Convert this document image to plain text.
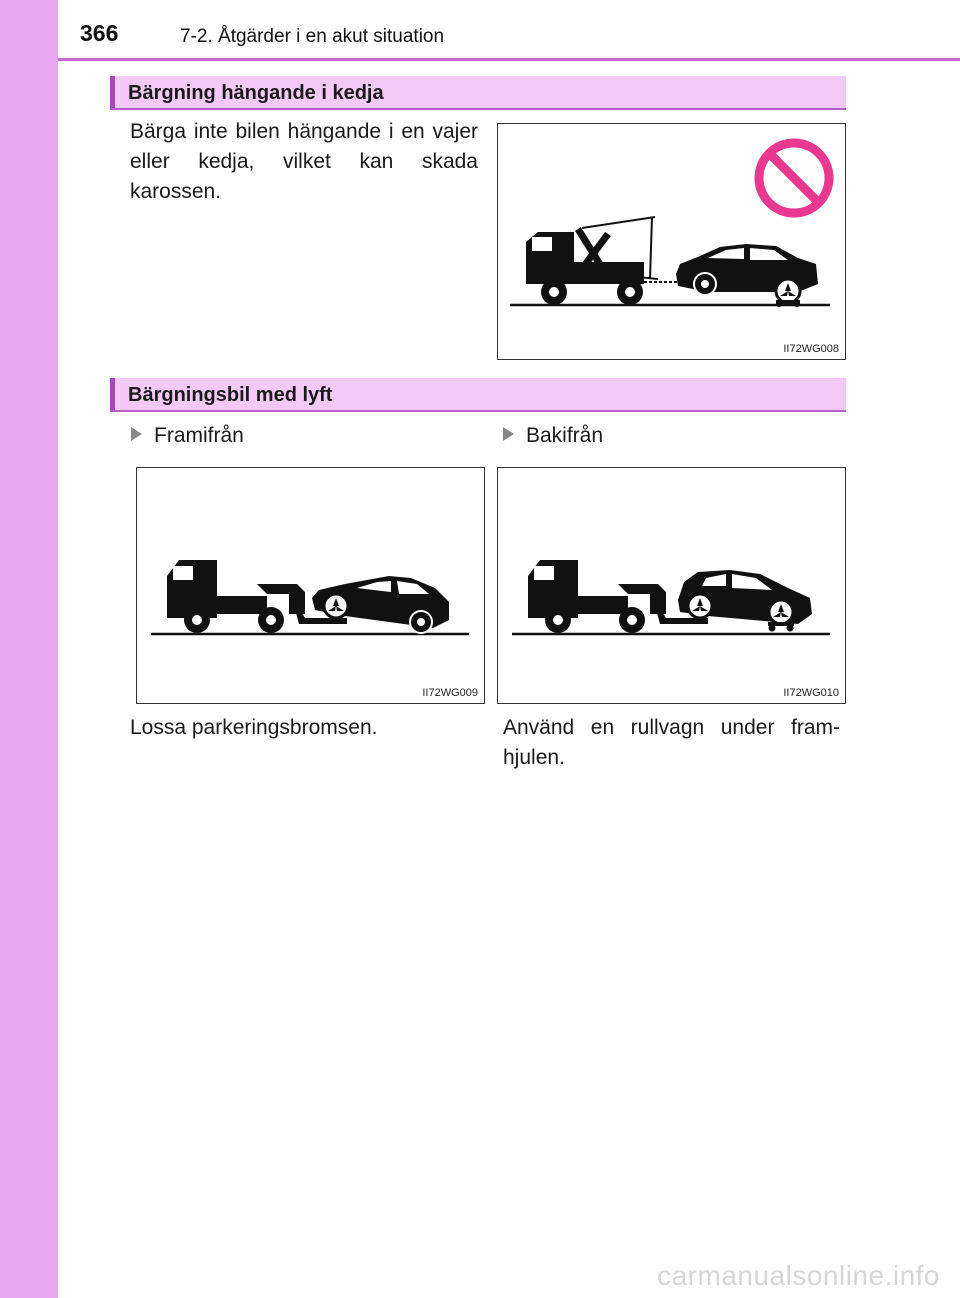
366	7-2. Åtgärder i en akut situation
Bärgning hängande i kedja
Bärga inte bilen hängande i en vajer eller kedja, vilket kan skada karossen.
II72WG008
Bärgningsbil med lyft
Framifrån	Bakifrån
II72WG009	II72WG010
Lossa parkeringsbromsen.	Använd en rullvagn under fram-hjulen.
carmanualsonline.info
